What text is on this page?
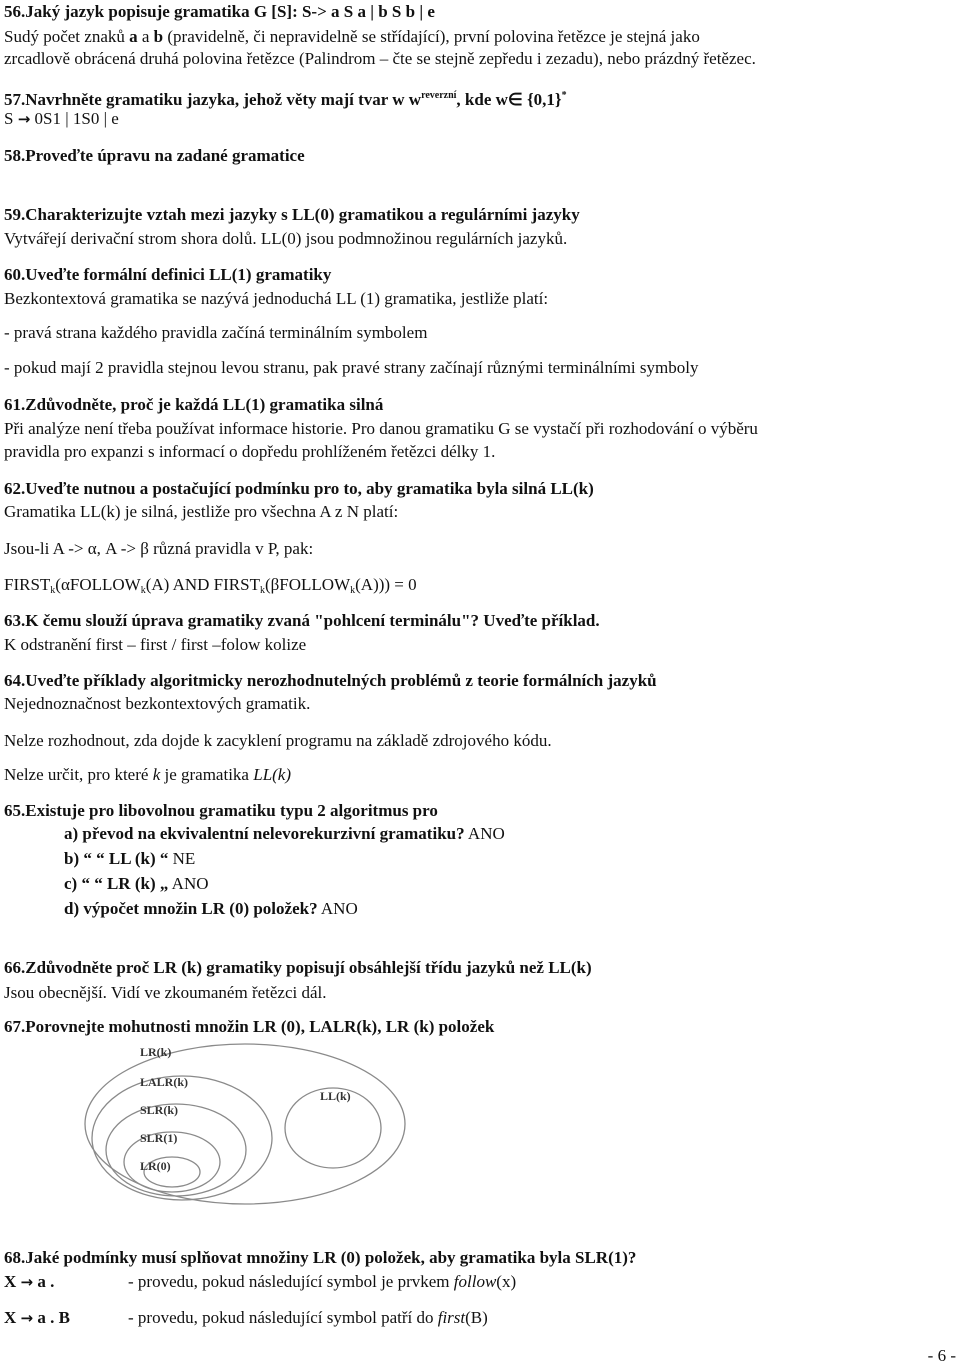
56.Jaký jazyk popisuje gramatika G [S]: S-> a S a | b S b | e
Sudý počet znaků a a b (pravidelně, či nepravidelně se střídající), první polovina řetězce je stejná jako
zrcadlově obrácená druhá polovina řetězce (Palindrom – čte se stejně zepředu i zezadu), nebo prázdný řetězec.
57.Navrhněte gramatiku jazyka, jehož věty mají tvar w $w^{reverzní}$, kde w∈ {0,1}*
S → 0S1 | 1S0 | e
58.Proveďte úpravu na zadané gramatice
59.Charakterizujte vztah mezi jazyky s LL(0) gramatikou a regulárními jazyky
Vytvářejí derivační strom shora dolů. LL(0) jsou podmnožinou regulárních jazyků.
60.Uveďte formální definici LL(1) gramatiky
Bezkontextová gramatika se nazývá jednoduchá LL (1) gramatika, jestliže platí:
- pravá strana každého pravidla začíná terminálním symbolem
- pokud mají 2 pravidla stejnou levou stranu, pak pravé strany začínají různými terminálními symboly
61.Zdůvodněte, proč je každá LL(1) gramatika silná
Při analýze není třeba používat informace historie. Pro danou gramatiku G se vystačí při rozhodování o výběru
pravidla pro expanzi s informací o dopředu prohlíženém řetězci délky 1.
62.Uveďte nutnou a postačující podmínku pro to, aby gramatika byla silná LL(k)
Gramatika LL(k) je silná, jestliže pro všechna A z N platí:
Jsou-li A -> α, A -> β různá pravidla v P, pak:
$FIRST_k(\alpha FOLLOW_k(A)$ AND $FIRST_k(\beta FOLLOW_k(A))) = 0$
63.K čemu slouží úprava gramatiky zvaná "pohlcení terminálu"? Uveďte příklad.
K odstranění first – first / first –folow kolize
64.Uveďte příklady algoritmicky nerozhodnutelných problémů z teorie formálních jazyků
Nejednoznačnost bezkontextových gramatik.
Nelze rozhodnout, zda dojde k zacyklení programu na základě zdrojového kódu.
Nelze určit, pro které k je gramatika LL(k)
65.Existuje pro libovolnou gramatiku typu 2 algoritmus pro
a) převod na ekvivalentní nelevorekurzivní gramatiku? ANO
b) “ “ LL (k) “ NE
c) “ “ LR (k) „ ANO
d) výpočet množin LR (0) položek? ANO
66.Zdůvodněte proč LR (k) gramatiky popisují obsáhlejší třídu jazyků než LL(k)
Jsou obecnější. Vidí ve zkoumaném řetězci dál.
67.Porovnejte mohutnosti množin LR (0), LALR(k), LR (k) položek
LR(k)
LALR(k)
SLR(k)
SLR(1)
LR(0)
LL(k)
68.Jaké podmínky musí splňovat množiny LR (0) položek, aby gramatika byla SLR(1)?
X → a .	- provedu, pokud následující symbol je prvkem follow(x)
X → a . B	- provedu, pokud následující symbol patří do first(B)
- 6 -
